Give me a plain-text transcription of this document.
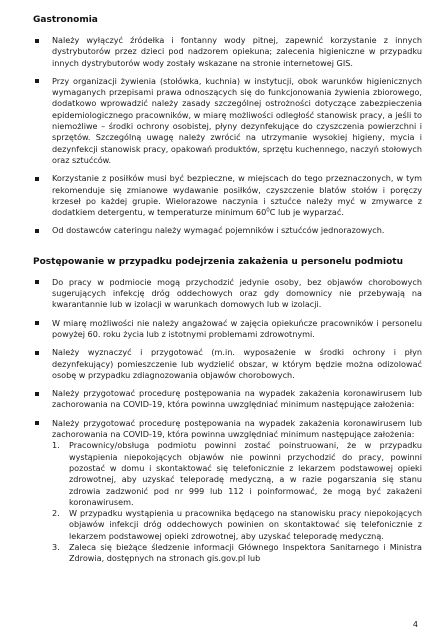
Gastronomia
Należy wyłączyć źródełka i fontanny wody pitnej, zapewnić korzystanie z innych dystrybutorów przez dzieci pod nadzorem opiekuna; zalecenia higieniczne w przypadku innych dystrybutorów wody zostały wskazane na stronie internetowej GIS.
Przy organizacji żywienia (stołówka, kuchnia) w instytucji, obok warunków higienicznych wymaganych przepisami prawa odnoszących się do funkcjonowania żywienia zbiorowego, dodatkowo wprowadzić należy zasady szczególnej ostrożności dotyczące zabezpieczenia epidemiologicznego pracowników, w miarę możliwości odległość stanowisk pracy, a jeśli to niemożliwe – środki ochrony osobistej, płyny dezynfekujące do czyszczenia powierzchni i sprzętów. Szczególną uwagę należy zwrócić na utrzymanie wysokiej higieny, mycia i dezynfekcji stanowisk pracy, opakowań produktów, sprzętu kuchennego, naczyń stołowych oraz sztućców.
Korzystanie z posiłków musi być bezpieczne, w miejscach do tego przeznaczonych, w tym rekomenduje się zmianowe wydawanie posiłków, czyszczenie blatów stołów i poręczy krzeseł po każdej grupie. Wielorazowe naczynia i sztućce należy myć w zmywarce z dodatkiem detergentu, w temperaturze minimum $60^0C$ lub je wyparzać.
Od dostawców cateringu należy wymagać pojemników i sztućców jednorazowych.
Postępowanie w przypadku podejrzenia zakażenia u personelu podmiotu
Do pracy w podmiocie mogą przychodzić jedynie osoby, bez objawów chorobowych sugerujących infekcję dróg oddechowych oraz gdy domownicy nie przebywają na kwarantannie lub w izolacji w warunkach domowych lub w izolacji.
W miarę możliwości nie należy angażować w zajęcia opiekuńcze pracowników i personelu powyżej 60. roku życia lub z istotnymi problemami zdrowotnymi.
Należy wyznaczyć i przygotować (m.in. wyposażenie w środki ochrony i płyn dezynfekujący) pomieszczenie lub wydzielić obszar, w którym będzie można odizolować osobę w przypadku zdiagnozowania objawów chorobowych.
Należy przygotować procedurę postępowania na wypadek zakażenia koronawirusem lub zachorowania na COVID-19, która powinna uwzględniać minimum następujące założenia:
Należy przygotować procedurę postępowania na wypadek zakażenia koronawirusem lub zachorowania na COVID-19, która powinna uwzględniać minimum następujące założenia:
1. Pracownicy/obsługa podmiotu powinni zostać poinstruowani, że w przypadku wystąpienia niepokojących objawów nie powinni przychodzić do pracy, powinni pozostać w domu i skontaktować się telefonicznie z lekarzem podstawowej opieki zdrowotnej, aby uzyskać teleporadę medyczną, a w razie pogarszania się stanu zdrowia zadzwonić pod nr 999 lub 112 i poinformować, że mogą być zakażeni koronawirusem.
2. W przypadku wystąpienia u pracownika będącego na stanowisku pracy niepokojących objawów infekcji dróg oddechowych powinien on skontaktować się telefonicznie z lekarzem podstawowej opieki zdrowotnej, aby uzyskać teleporadę medyczną.
3. Zaleca się bieżące śledzenie informacji Głównego Inspektora Sanitarnego i Ministra Zdrowia, dostępnych na stronach gis.gov.pl lub
4
